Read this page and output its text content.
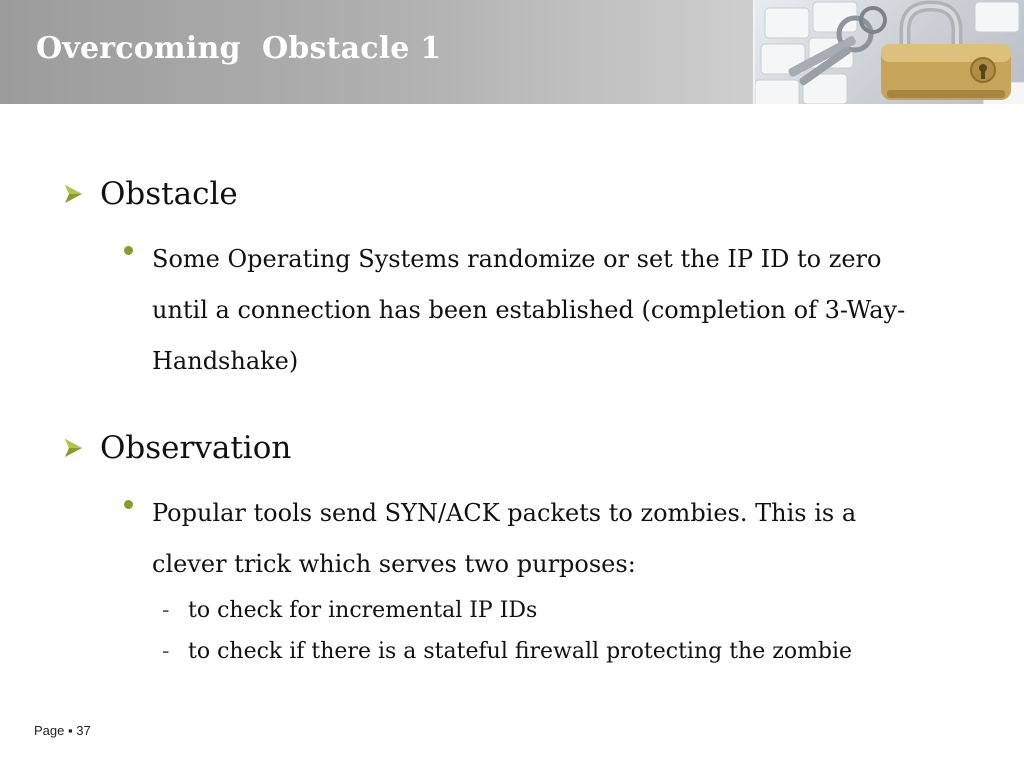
Overcoming  Obstacle 1
Obstacle
Some Operating Systems randomize or set the IP ID to zero until a connection has been established (completion of 3-Way-Handshake)
Observation
Popular tools send SYN/ACK packets to zombies. This is a clever trick which serves two purposes:
- to check for incremental IP IDs
- to check if there is a stateful firewall protecting the zombie
Page ▪ 37
